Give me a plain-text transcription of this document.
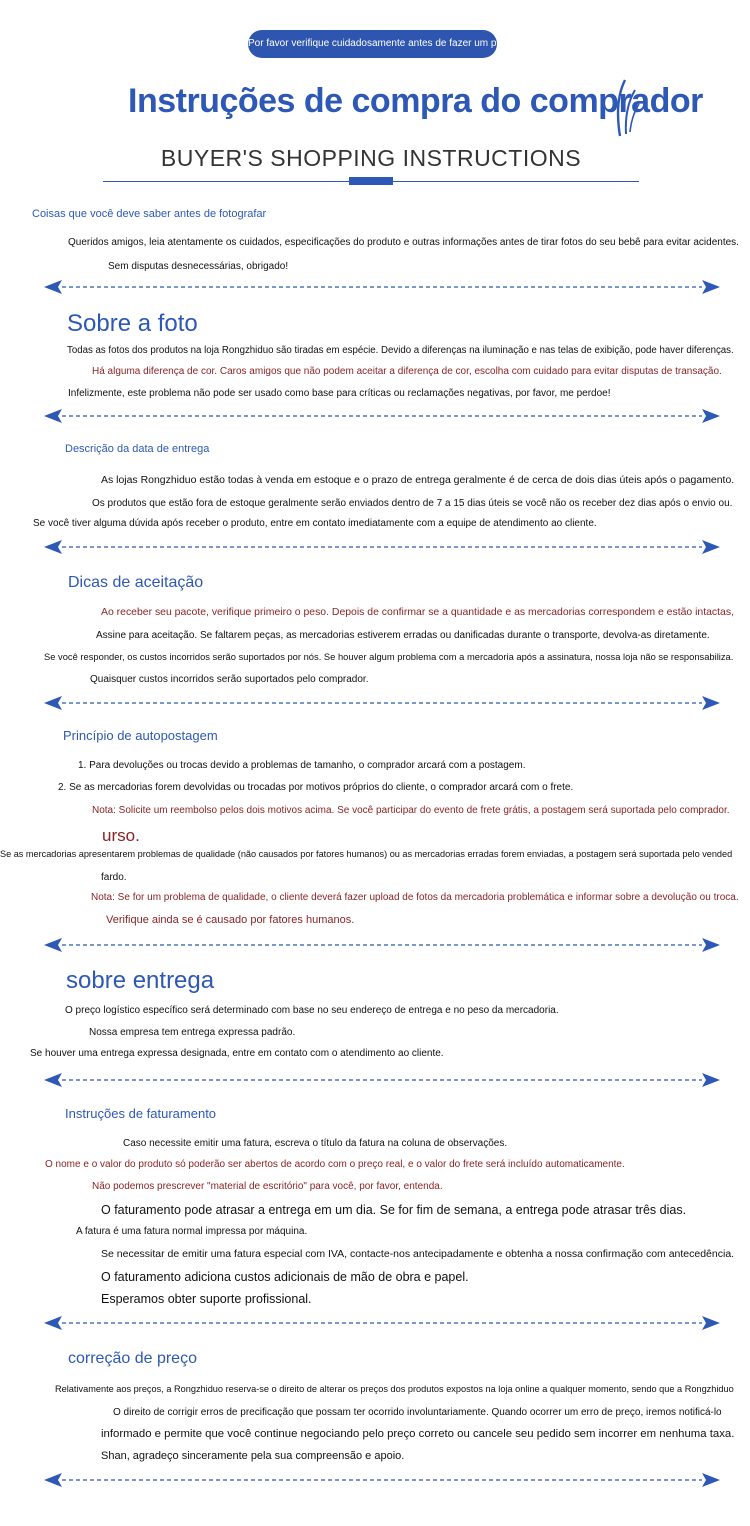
Por favor verifique cuidadosamente antes de fazer um pedid
Instruções de compra do comprador
BUYER'S SHOPPING INSTRUCTIONS
Coisas que você deve saber antes de fotografar
Queridos amigos, leia atentamente os cuidados, especificações do produto e outras informações antes de tirar fotos do seu bebê para evitar acidentes.
Sem disputas desnecessárias, obrigado!
Sobre a foto
Todas as fotos dos produtos na loja Rongzhiduo são tiradas em espécie. Devido a diferenças na iluminação e nas telas de exibição, pode haver diferenças.
Há alguma diferença de cor. Caros amigos que não podem aceitar a diferença de cor, escolha com cuidado para evitar disputas de transação.
Infelizmente, este problema não pode ser usado como base para críticas ou reclamações negativas, por favor, me perdoe!
Descrição da data de entrega
As lojas Rongzhiduo estão todas à venda em estoque e o prazo de entrega geralmente é de cerca de dois dias úteis após o pagamento.
Os produtos que estão fora de estoque geralmente serão enviados dentro de 7 a 15 dias úteis se você não os receber dez dias após o envio ou.
Se você tiver alguma dúvida após receber o produto, entre em contato imediatamente com a equipe de atendimento ao cliente.
Dicas de aceitação
Ao receber seu pacote, verifique primeiro o peso. Depois de confirmar se a quantidade e as mercadorias correspondem e estão intactas,
Assine para aceitação. Se faltarem peças, as mercadorias estiverem erradas ou danificadas durante o transporte, devolva-as diretamente.
Se você responder, os custos incorridos serão suportados por nós. Se houver algum problema com a mercadoria após a assinatura, nossa loja não se responsabiliza.
Quaisquer custos incorridos serão suportados pelo comprador.
Princípio de autopostagem
1. Para devoluções ou trocas devido a problemas de tamanho, o comprador arcará com a postagem.
2. Se as mercadorias forem devolvidas ou trocadas por motivos próprios do cliente, o comprador arcará com o frete.
Nota: Solicite um reembolso pelos dois motivos acima. Se você participar do evento de frete grátis, a postagem será suportada pelo comprador.
urso.
Se as mercadorias apresentarem problemas de qualidade (não causados por fatores humanos) ou as mercadorias erradas forem enviadas, a postagem será suportada pelo vended
fardo.
Nota: Se for um problema de qualidade, o cliente deverá fazer upload de fotos da mercadoria problemática e informar sobre a devolução ou troca.
Verifique ainda se é causado por fatores humanos.
sobre entrega
O preço logístico específico será determinado com base no seu endereço de entrega e no peso da mercadoria.
Nossa empresa tem entrega expressa padrão.
Se houver uma entrega expressa designada, entre em contato com o atendimento ao cliente.
Instruções de faturamento
Caso necessite emitir uma fatura, escreva o título da fatura na coluna de observações.
O nome e o valor do produto só poderão ser abertos de acordo com o preço real, e o valor do frete será incluído automaticamente.
Não podemos prescrever "material de escritório" para você, por favor, entenda.
O faturamento pode atrasar a entrega em um dia. Se for fim de semana, a entrega pode atrasar três dias.
A fatura é uma fatura normal impressa por máquina.
Se necessitar de emitir uma fatura especial com IVA, contacte-nos antecipadamente e obtenha a nossa confirmação com antecedência.
O faturamento adiciona custos adicionais de mão de obra e papel.
Esperamos obter suporte profissional.
correção de preço
Relativamente aos preços, a Rongzhiduo reserva-se o direito de alterar os preços dos produtos expostos na loja online a qualquer momento, sendo que a Rongzhiduo
O direito de corrigir erros de precificação que possam ter ocorrido involuntariamente. Quando ocorrer um erro de preço, iremos notificá-lo
informado e permite que você continue negociando pelo preço correto ou cancele seu pedido sem incorrer em nenhuma taxa.
Shan, agradeço sinceramente pela sua compreensão e apoio.
